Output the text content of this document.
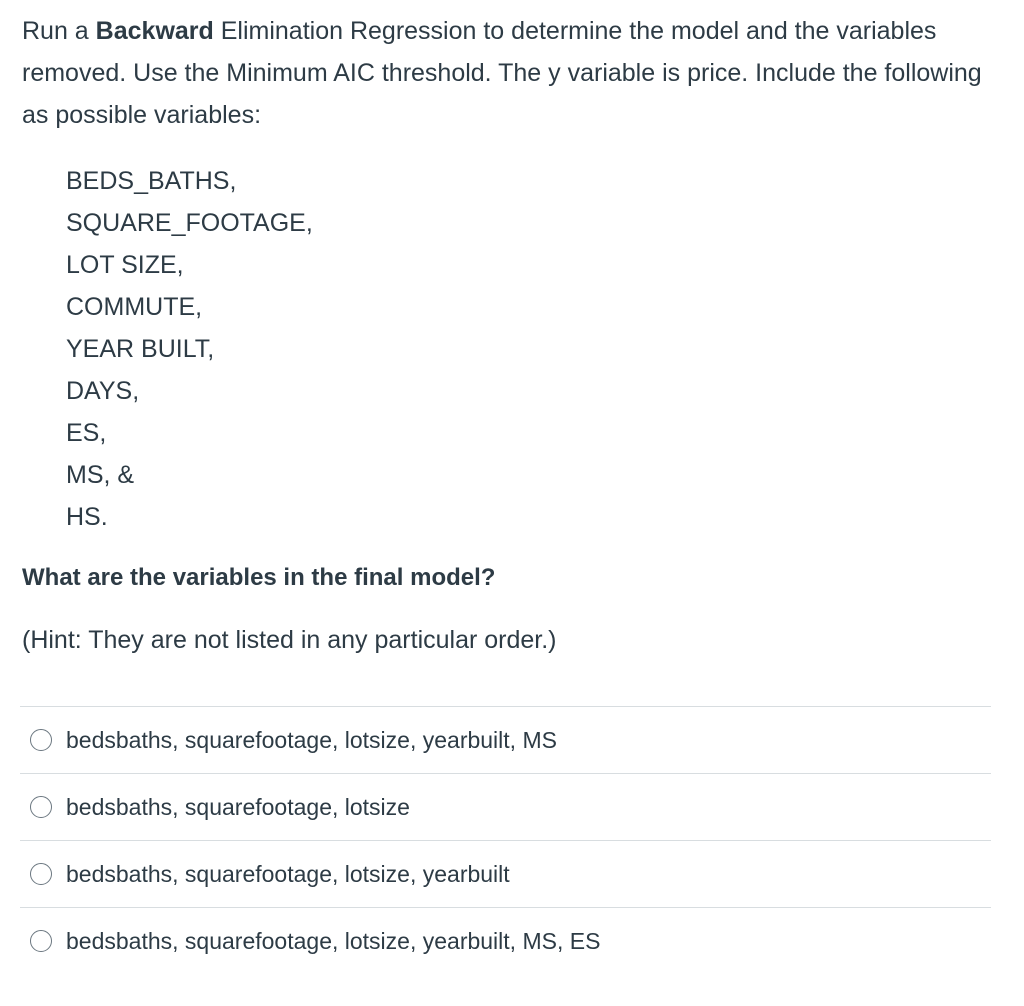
Run a Backward Elimination Regression to determine the model and the variables removed. Use the Minimum AIC threshold. The y variable is price. Include the following as possible variables:

BEDS_BATHS,
SQUARE_FOOTAGE,
LOT SIZE,
COMMUTE,
YEAR BUILT,
DAYS,
ES,
MS, &
HS.

What are the variables in the final model?

(Hint: They are not listed in any particular order.)

bedsbaths, squarefootage, lotsize, yearbuilt, MS
bedsbaths, squarefootage, lotsize
bedsbaths, squarefootage, lotsize, yearbuilt
bedsbaths, squarefootage, lotsize, yearbuilt, MS, ES
